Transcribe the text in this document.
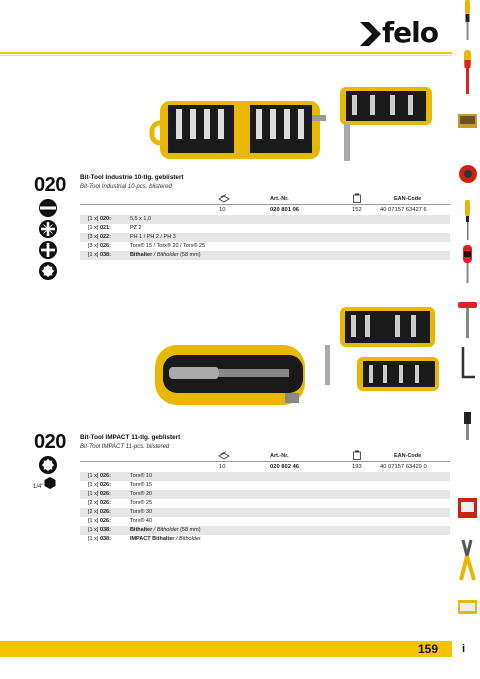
felo
020 Bit-Tool Industrie 10-tlg. geblistert
Bit-Tool Industrial 10-pcs. blistered
Art.-Nr.	EAN-Code
10	020 801 06	152	40 07157 63427 6
[1 x] 020:	5,5 x 1,0
[1 x] 021:	PZ 2
[3 x] 022:	PH 1 / PH 2 / PH 3
[3 x] 026:	Torx® 15 / Torx® 20 / Torx® 25
[1 x] 038:	Bithalter / Bitholder (58 mm)
020 Bit-Tool IMPACT 11-tlg. geblistert
Bit-Tool IMPACT 11-pcs. blistered
Art.-Nr.	EAN-Code
10	020 802 46	193	40 07157 63429 0
1/4"
[1 x] 026:	Torx® 10
[1 x] 026:	Torx® 15
[1 x] 026:	Torx® 20
[2 x] 026:	Torx® 25
[2 x] 026:	Torx® 30
[1 x] 026:	Torx® 40
[1 x] 038:	Bithalter / Bitholder (58 mm)
[1 x] 038:	IMPACT Bithalter / Bitholder
159 i
